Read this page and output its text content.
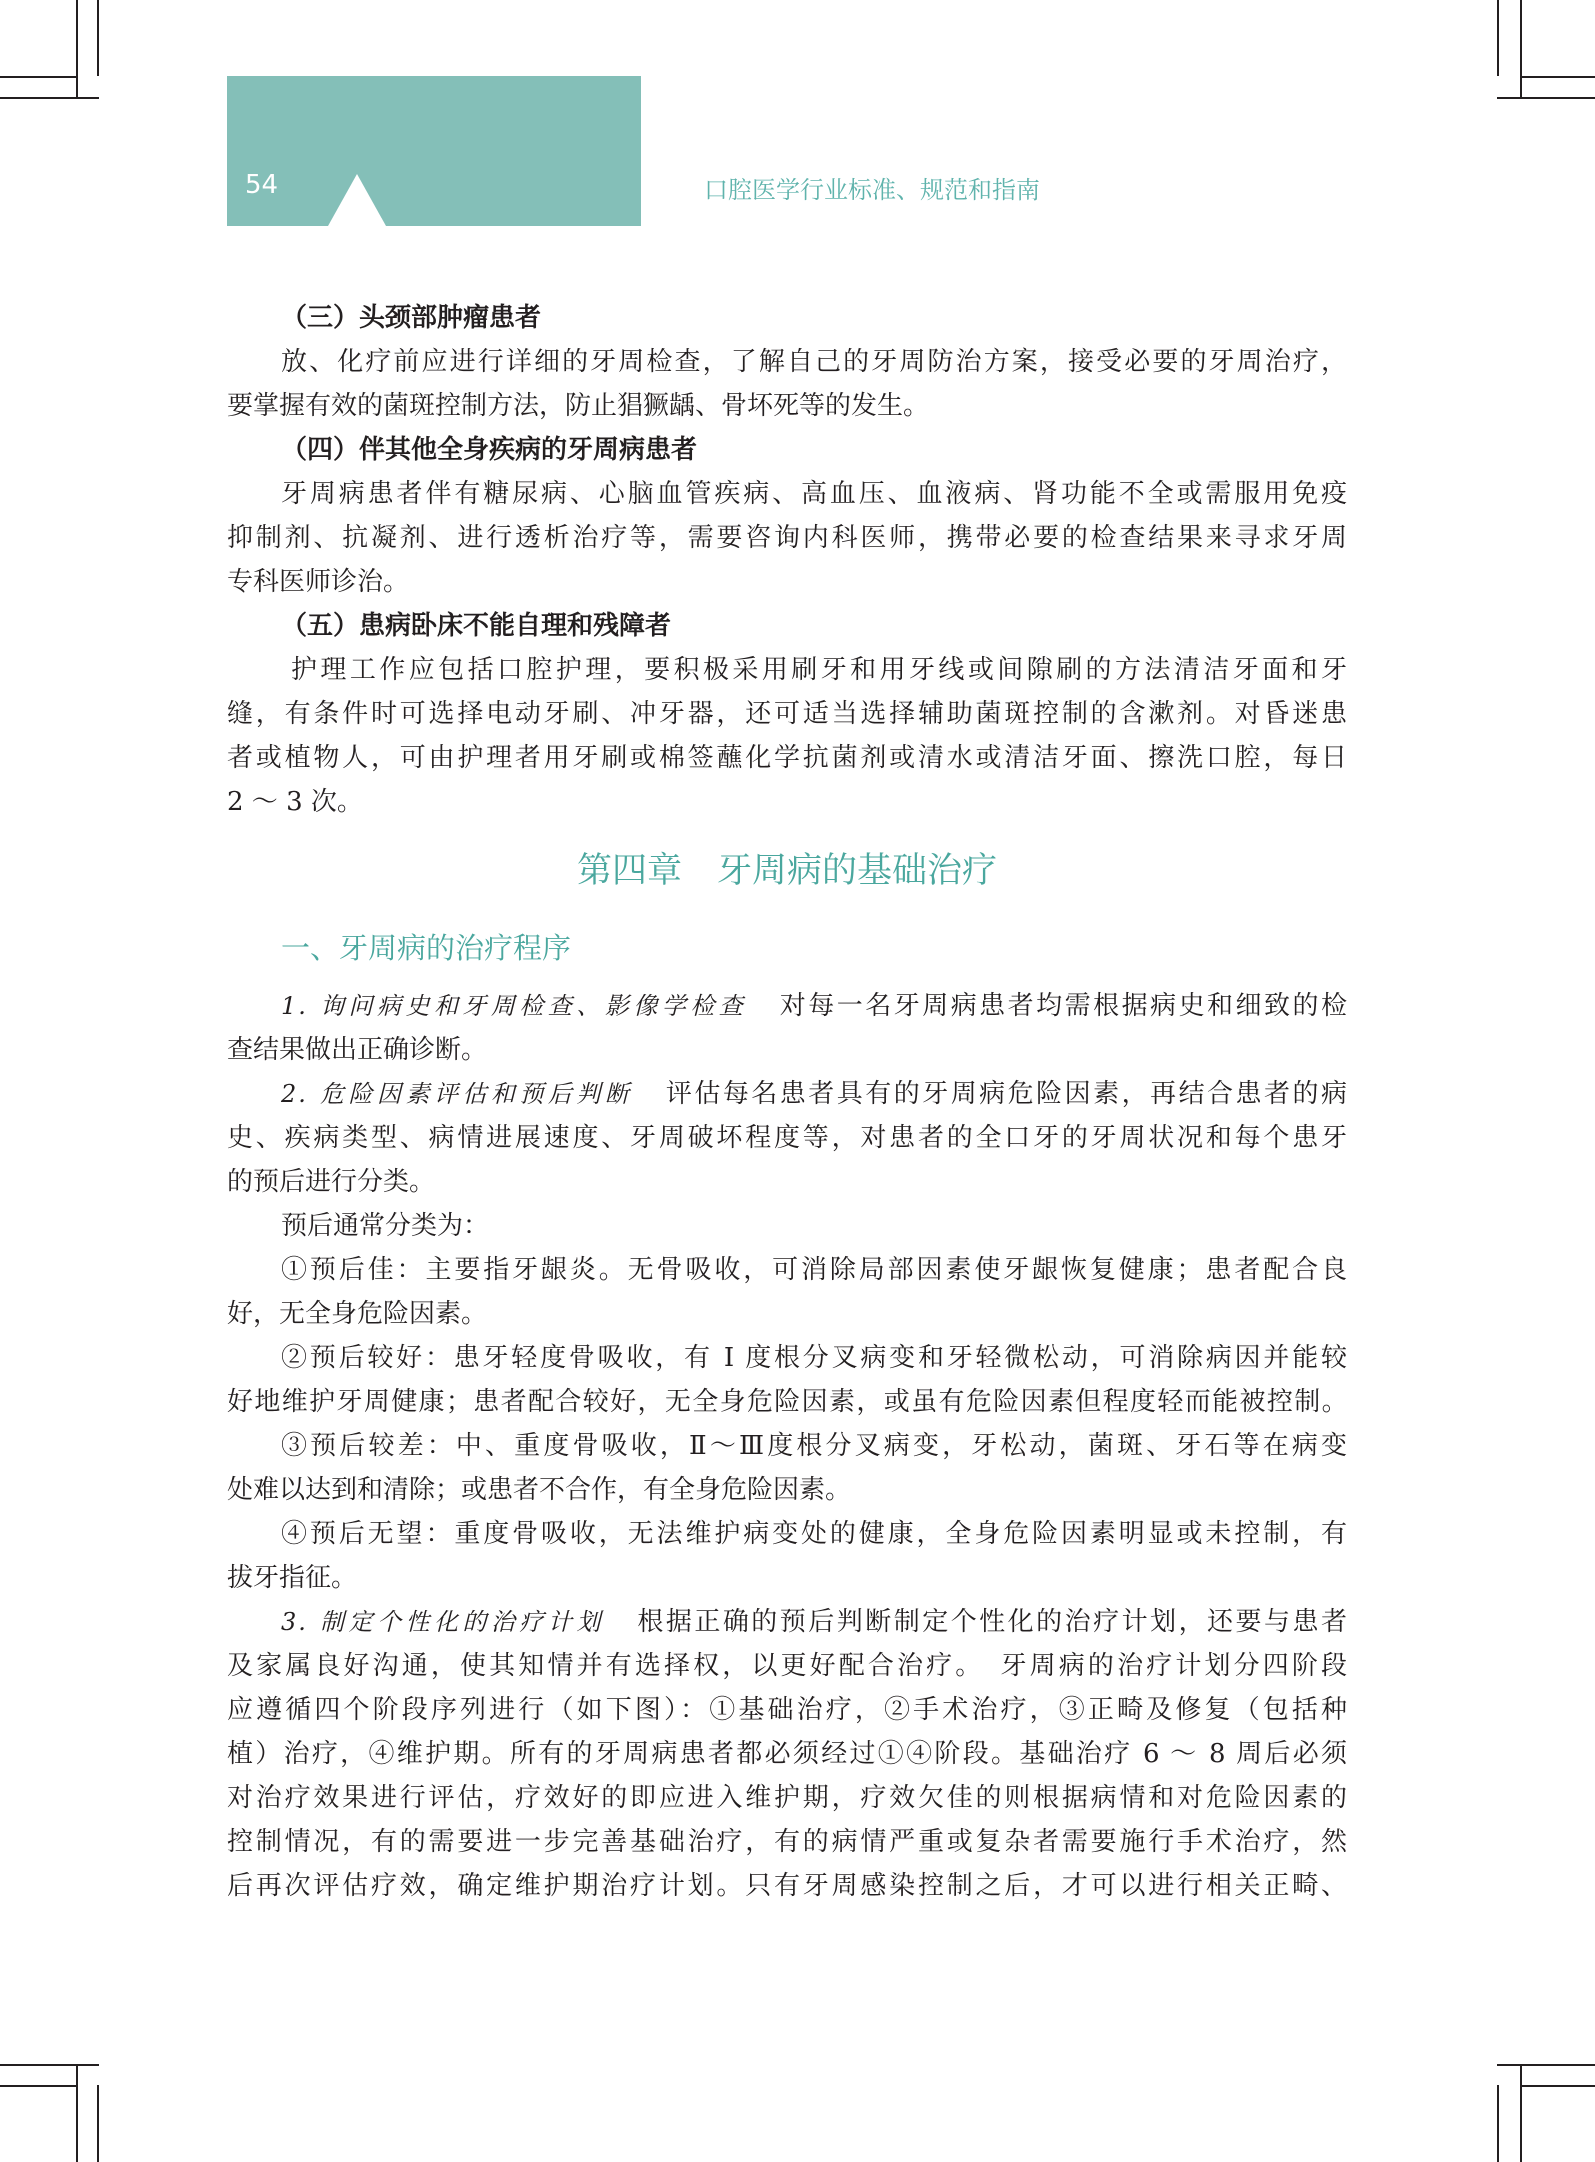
54	口腔医学行业标准、规范和指南
（三）头颈部肿瘤患者
放、化疗前应进行详细的牙周检查，了解自己的牙周防治方案，接受必要的牙周治疗，
要掌握有效的菌斑控制方法，防止猖獗龋、骨坏死等的发生。
（四）伴其他全身疾病的牙周病患者
牙周病患者伴有糖尿病、心脑血管疾病、高血压、血液病、肾功能不全或需服用免疫
抑制剂、抗凝剂、进行透析治疗等，需要咨询内科医师，携带必要的检查结果来寻求牙周
专科医师诊治。
（五）患病卧床不能自理和残障者
护理工作应包括口腔护理，要积极采用刷牙和用牙线或间隙刷的方法清洁牙面和牙
缝，有条件时可选择电动牙刷、冲牙器，还可适当选择辅助菌斑控制的含漱剂。对昏迷患
者或植物人，可由护理者用牙刷或棉签蘸化学抗菌剂或清水或清洁牙面、擦洗口腔，每日
2 ～ 3 次。
第四章　牙周病的基础治疗
一、牙周病的治疗程序
1. 询问病史和牙周检查、影像学检查 对每一名牙周病患者均需根据病史和细致的检
查结果做出正确诊断。
2. 危险因素评估和预后判断 评估每名患者具有的牙周病危险因素，再结合患者的病
史、疾病类型、病情进展速度、牙周破坏程度等，对患者的全口牙的牙周状况和每个患牙
的预后进行分类。
预后通常分类为：
①预后佳：主要指牙龈炎。无骨吸收，可消除局部因素使牙龈恢复健康；患者配合良
好，无全身危险因素。
②预后较好：患牙轻度骨吸收，有 I 度根分叉病变和牙轻微松动，可消除病因并能较
好地维护牙周健康；患者配合较好，无全身危险因素，或虽有危险因素但程度轻而能被控制。
③预后较差：中、重度骨吸收，Ⅱ～Ⅲ度根分叉病变，牙松动，菌斑、牙石等在病变
处难以达到和清除；或患者不合作，有全身危险因素。
④预后无望：重度骨吸收，无法维护病变处的健康，全身危险因素明显或未控制，有
拔牙指征。
3. 制定个性化的治疗计划 根据正确的预后判断制定个性化的治疗计划，还要与患者
及家属良好沟通，使其知情并有选择权，以更好配合治疗。　牙周病的治疗计划分四阶段
应遵循四个阶段序列进行（如下图）：①基础治疗，②手术治疗，③正畸及修复（包括种
植）治疗，④维护期。所有的牙周病患者都必须经过①④阶段。基础治疗 6 ～ 8 周后必须
对治疗效果进行评估，疗效好的即应进入维护期，疗效欠佳的则根据病情和对危险因素的
控制情况，有的需要进一步完善基础治疗，有的病情严重或复杂者需要施行手术治疗，然
后再次评估疗效，确定维护期治疗计划。只有牙周感染控制之后，才可以进行相关正畸、
